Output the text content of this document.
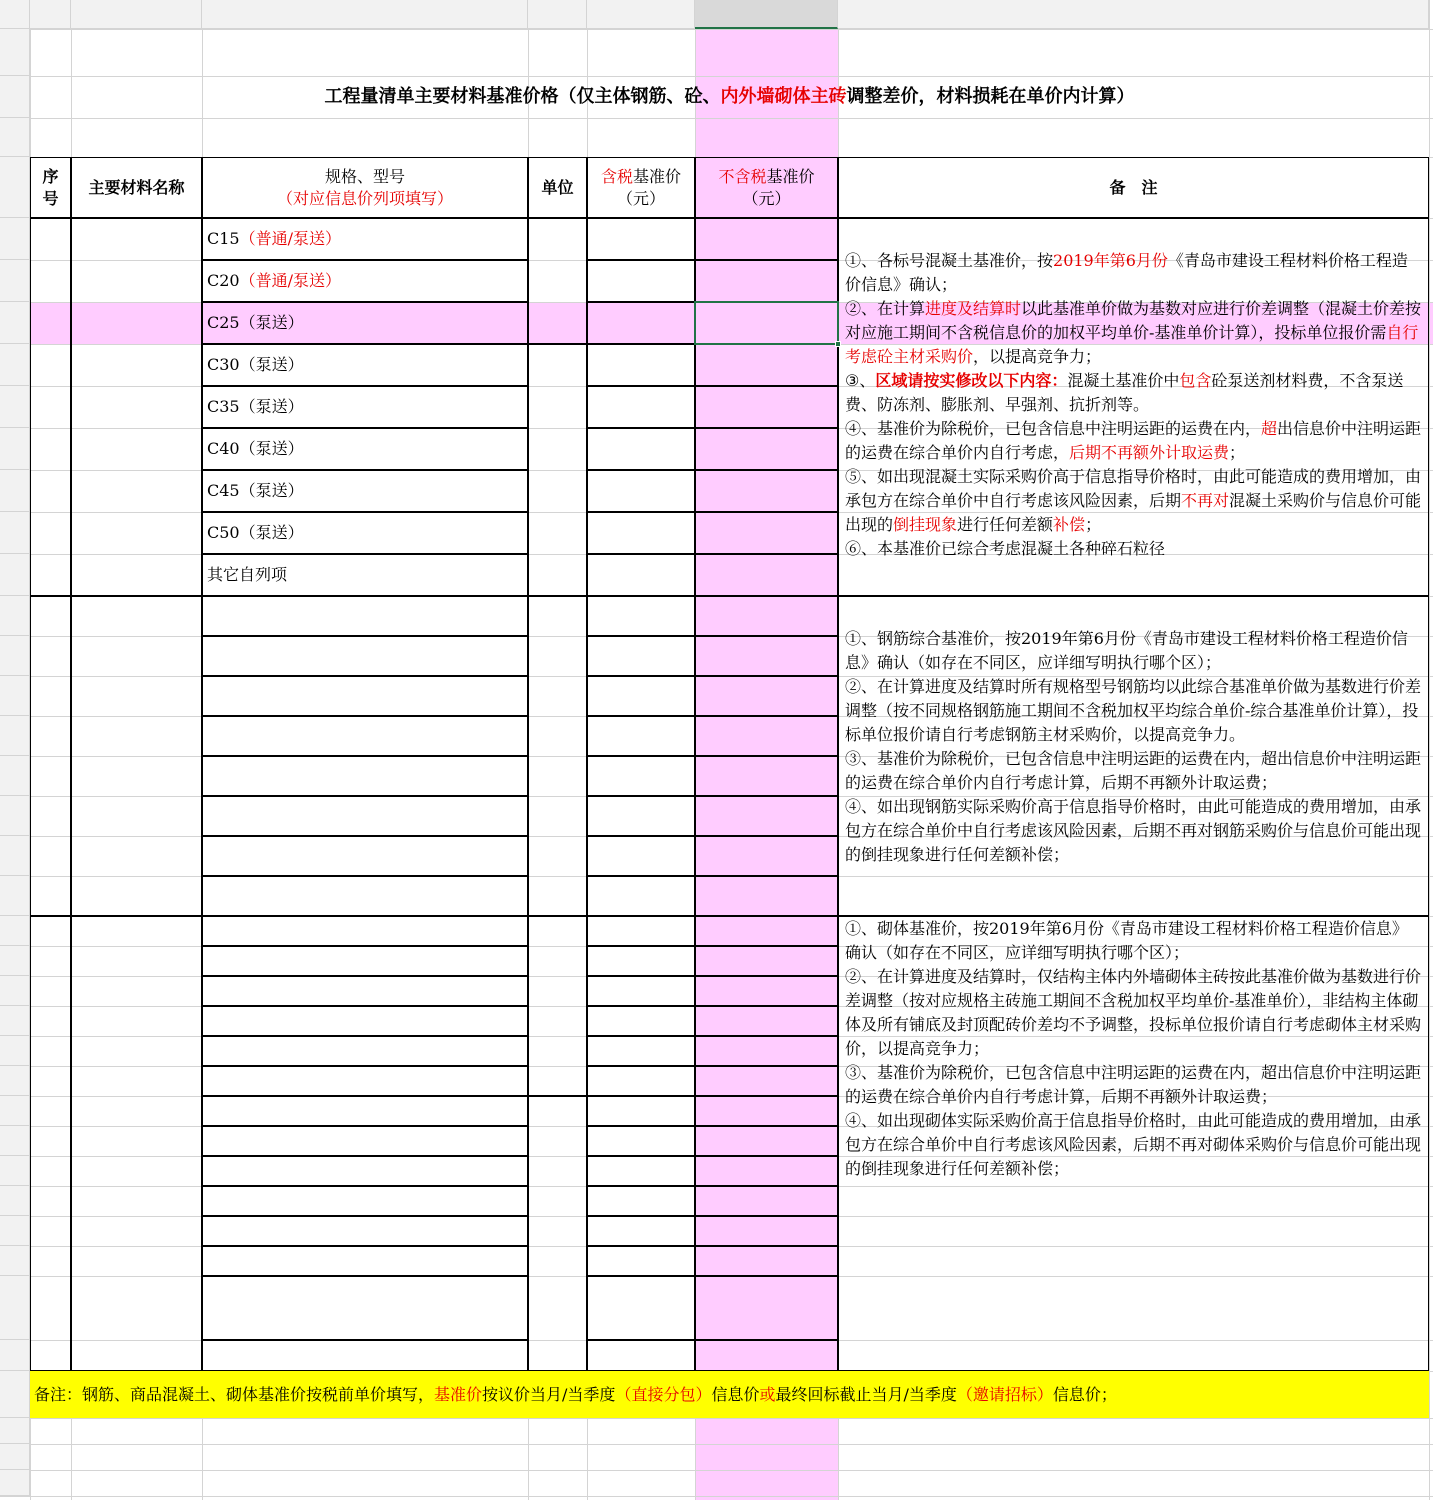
工程量清单主要材料基准价格（仅主体钢筋、砼、 内外墙砌体主砖 调整差价，材料损耗在单价内计算）
序
号
主要材料名称
规格、型号
（对应信息价列项填写）
单位
含税基准价
（元）
不含税基准价
（元）
备　注
C15 （普通/泵送）
C20 （普通/泵送）
C25（泵送）
C30（泵送）
C35（泵送）
C40（泵送）
C45（泵送）
C50（泵送）
其它自列项
①、各标号混凝土基准价，按2019年第6月份《青岛市建设工程材料价格工程造价信息》确认；
②、在计算进度及结算时以此基准单价做为基数对应进行价差调整（混凝土价差按对应施工期间不含税信息价的加权平均单价-基准单价计算），投标单位报价需自行考虑砼主材采购价，以提高竞争力；
③、区域请按实修改以下内容：混凝土基准价中包含砼泵送剂材料费，不含泵送费、防冻剂、膨胀剂、早强剂、抗折剂等。
④、基准价为除税价，已包含信息中注明运距的运费在内，超出信息价中注明运距的运费在综合单价内自行考虑，后期不再额外计取运费；
⑤、如出现混凝土实际采购价高于信息指导价格时，由此可能造成的费用增加，由承包方在综合单价中自行考虑该风险因素，后期不再对混凝土采购价与信息价可能出现的倒挂现象进行任何差额补偿；
⑥、本基准价已综合考虑混凝土各种碎石粒径
①、钢筋综合基准价，按2019年第6月份《青岛市建设工程材料价格工程造价信息》确认（如存在不同区，应详细写明执行哪个区）；
②、在计算进度及结算时所有规格型号钢筋均以此综合基准单价做为基数进行价差调整（按不同规格钢筋施工期间不含税加权平均综合单价-综合基准单价计算），投标单位报价请自行考虑钢筋主材采购价，以提高竞争力。
③、基准价为除税价，已包含信息中注明运距的运费在内，超出信息价中注明运距的运费在综合单价内自行考虑计算，后期不再额外计取运费；
④、如出现钢筋实际采购价高于信息指导价格时，由此可能造成的费用增加，由承包方在综合单价中自行考虑该风险因素，后期不再对钢筋采购价与信息价可能出现的倒挂现象进行任何差额补偿；
①、砌体基准价，按2019年第6月份《青岛市建设工程材料价格工程造价信息》确认（如存在不同区，应详细写明执行哪个区）；
②、在计算进度及结算时，仅结构主体内外墙砌体主砖按此基准价做为基数进行价差调整（按对应规格主砖施工期间不含税加权平均单价-基准单价），非结构主体砌体及所有铺底及封顶配砖价差均不予调整，投标单位报价请自行考虑砌体主材采购价，以提高竞争力；
③、基准价为除税价，已包含信息中注明运距的运费在内，超出信息价中注明运距的运费在综合单价内自行考虑计算，后期不再额外计取运费；
④、如出现砌体实际采购价高于信息指导价格时，由此可能造成的费用增加，由承包方在综合单价中自行考虑该风险因素，后期不再对砌体采购价与信息价可能出现的倒挂现象进行任何差额补偿；
备注：钢筋、商品混凝土、砌体基准价按税前单价填写， 基准价 按议价当月/当季度 （直接分包） 信息价 或 最终回标截止当月/当季度 （邀请招标） 信息价；
